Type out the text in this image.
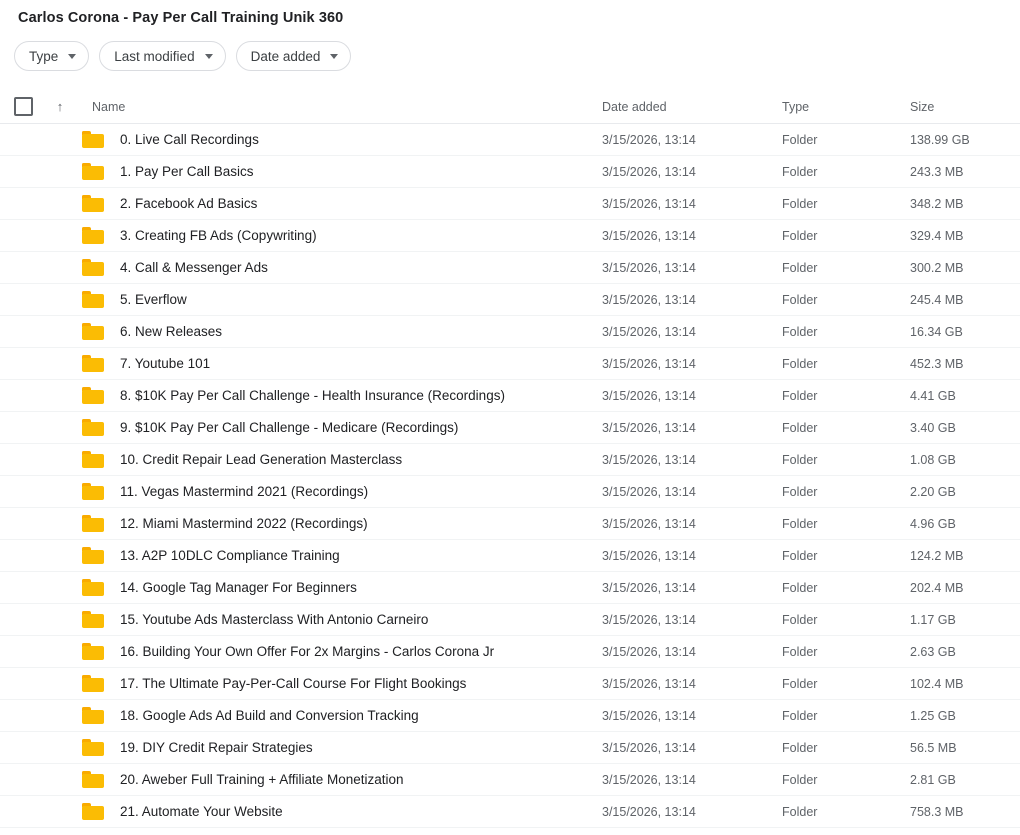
Carlos Corona - Pay Per Call Training Unik 360
Type	Last modified	Date added
↑	Name	Date added	Type	Size
0. Live Call Recordings	3/15/2026, 13:14	Folder	138.99 GB
1. Pay Per Call Basics	3/15/2026, 13:14	Folder	243.3 MB
2. Facebook Ad Basics	3/15/2026, 13:14	Folder	348.2 MB
3. Creating FB Ads (Copywriting)	3/15/2026, 13:14	Folder	329.4 MB
4. Call & Messenger Ads	3/15/2026, 13:14	Folder	300.2 MB
5. Everflow	3/15/2026, 13:14	Folder	245.4 MB
6. New Releases	3/15/2026, 13:14	Folder	16.34 GB
7. Youtube 101	3/15/2026, 13:14	Folder	452.3 MB
8. $10K Pay Per Call Challenge - Health Insurance (Recordings)	3/15/2026, 13:14	Folder	4.41 GB
9. $10K Pay Per Call Challenge - Medicare (Recordings)	3/15/2026, 13:14	Folder	3.40 GB
10. Credit Repair Lead Generation Masterclass	3/15/2026, 13:14	Folder	1.08 GB
11. Vegas Mastermind 2021 (Recordings)	3/15/2026, 13:14	Folder	2.20 GB
12. Miami Mastermind 2022 (Recordings)	3/15/2026, 13:14	Folder	4.96 GB
13. A2P 10DLC Compliance Training	3/15/2026, 13:14	Folder	124.2 MB
14. Google Tag Manager For Beginners	3/15/2026, 13:14	Folder	202.4 MB
15. Youtube Ads Masterclass With Antonio Carneiro	3/15/2026, 13:14	Folder	1.17 GB
16. Building Your Own Offer For 2x Margins - Carlos Corona Jr	3/15/2026, 13:14	Folder	2.63 GB
17. The Ultimate Pay-Per-Call Course For Flight Bookings	3/15/2026, 13:14	Folder	102.4 MB
18. Google Ads Ad Build and Conversion Tracking	3/15/2026, 13:14	Folder	1.25 GB
19. DIY Credit Repair Strategies	3/15/2026, 13:14	Folder	56.5 MB
20. Aweber Full Training + Affiliate Monetization	3/15/2026, 13:14	Folder	2.81 GB
21. Automate Your Website	3/15/2026, 13:14	Folder	758.3 MB
